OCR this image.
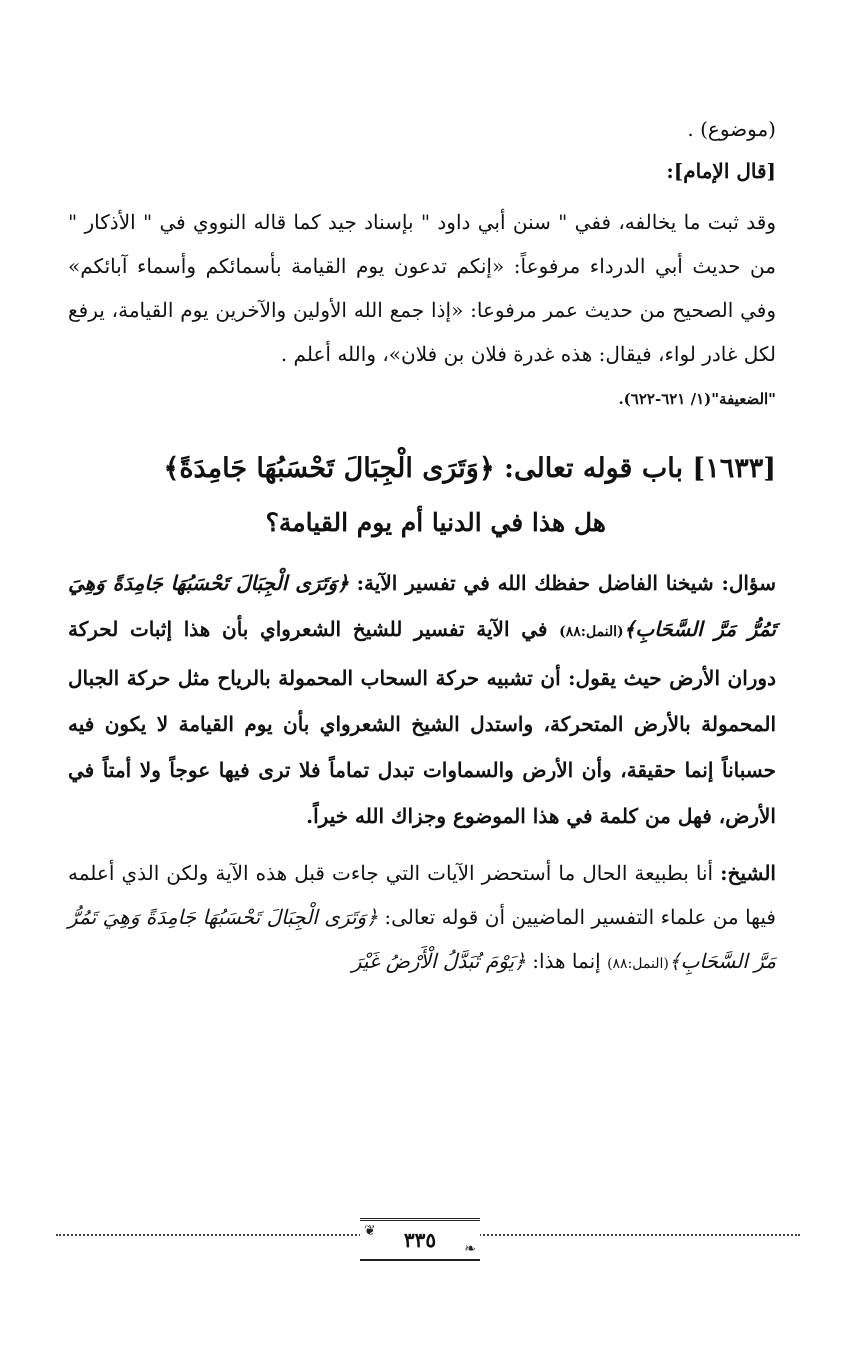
(موضوع) .

[قال الإمام]:

وقد ثبت ما يخالفه، ففي " سنن أبي داود " بإسناد جيد كما قاله النووي في " الأذكار " من حديث أبي الدرداء مرفوعاً: «إنكم تدعون يوم القيامة بأسمائكم وأسماء آبائكم» وفي الصحيح من حديث عمر مرفوعا: «إذا جمع الله الأولين والآخرين يوم القيامة، يرفع لكل غادر لواء، فيقال: هذه غدرة فلان بن فلان»، والله أعلم .

"الضعيفة"(١/ ٦٢١-٦٢٢).

[١٦٣٣] باب قوله تعالى: ﴿وَتَرَى الْجِبَالَ تَحْسَبُهَا جَامِدَةً﴾
هل هذا في الدنيا أم يوم القيامة؟

سؤال: شيخنا الفاضل حفظك الله في تفسير الآية: ﴿وَتَرَى الْجِبَالَ تَحْسَبُهَا جَامِدَةً وَهِيَ تَمُرُّ مَرَّ السَّحَابِ﴾(النمل:٨٨) في الآية تفسير للشيخ الشعرواي بأن هذا إثبات لحركة دوران الأرض حيث يقول: أن تشبيه حركة السحاب المحمولة بالرياح مثل حركة الجبال المحمولة بالأرض المتحركة، واستدل الشيخ الشعرواي بأن يوم القيامة لا يكون فيه حسباناً إنما حقيقة، وأن الأرض والسماوات تبدل تماماً فلا ترى فيها عوجاً ولا أمتاً في الأرض، فهل من كلمة في هذا الموضوع وجزاك الله خيراً.

الشيخ: أنا بطبيعة الحال ما أستحضر الآيات التي جاءت قبل هذه الآية ولكن الذي أعلمه فيها من علماء التفسير الماضيين أن قوله تعالى: ﴿وَتَرَى الْجِبَالَ تَحْسَبُهَا جَامِدَةً وَهِيَ تَمُرُّ مَرَّ السَّحَابِ﴾(النمل:٨٨) إنما هذا: ﴿يَوْمَ تُبَدَّلُ الْأَرْضُ غَيْرَ

❦ ٣٣٥ ❧
